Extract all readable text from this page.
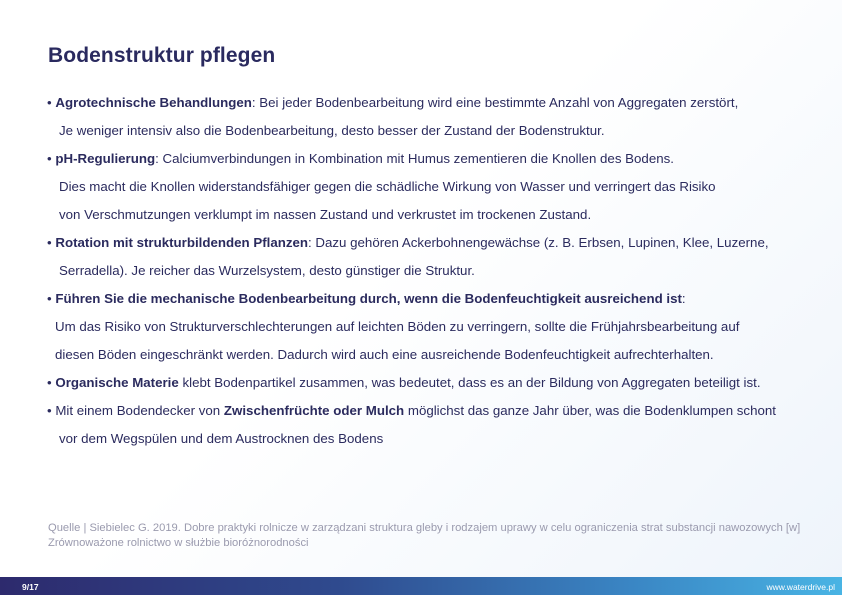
Bodenstruktur pflegen
• Agrotechnische Behandlungen: Bei jeder Bodenbearbeitung wird eine bestimmte Anzahl von Aggregaten zerstört,
Je weniger intensiv also die Bodenbearbeitung, desto besser der Zustand der Bodenstruktur.
• pH-Regulierung: Calciumverbindungen in Kombination mit Humus zementieren die Knollen des Bodens.
Dies macht die Knollen widerstandsfähiger gegen die schädliche Wirkung von Wasser und verringert das Risiko
von Verschmutzungen verklumpt im nassen Zustand und verkrustet im trockenen Zustand.
• Rotation mit strukturbildenden Pflanzen: Dazu gehören Ackerbohnengewächse (z. B. Erbsen, Lupinen, Klee, Luzerne,
Serradella). Je reicher das Wurzelsystem, desto günstiger die Struktur.
• Führen Sie die mechanische Bodenbearbeitung durch, wenn die Bodenfeuchtigkeit ausreichend ist:
Um das Risiko von Strukturverschlechterungen auf leichten Böden zu verringern, sollte die Frühjahrsbearbeitung auf
diesen Böden eingeschränkt werden. Dadurch wird auch eine ausreichende Bodenfeuchtigkeit aufrechterhalten.
• Organische Materie klebt Bodenpartikel zusammen, was bedeutet, dass es an der Bildung von Aggregaten beteiligt ist.
• Mit einem Bodendecker von Zwischenfrüchte oder Mulch möglichst das ganze Jahr über, was die Bodenklumpen schont
vor dem Wegspülen und dem Austrocknen des Bodens
Quelle | Siebielec G. 2019. Dobre praktyki rolnicze w zarządzani struktura gleby i rodzajem uprawy w celu ograniczenia strat substancji nawozowych [w] Zrównoważone rolnictwo w służbie bioróżnorodności
9/17	www.waterdrive.pl
